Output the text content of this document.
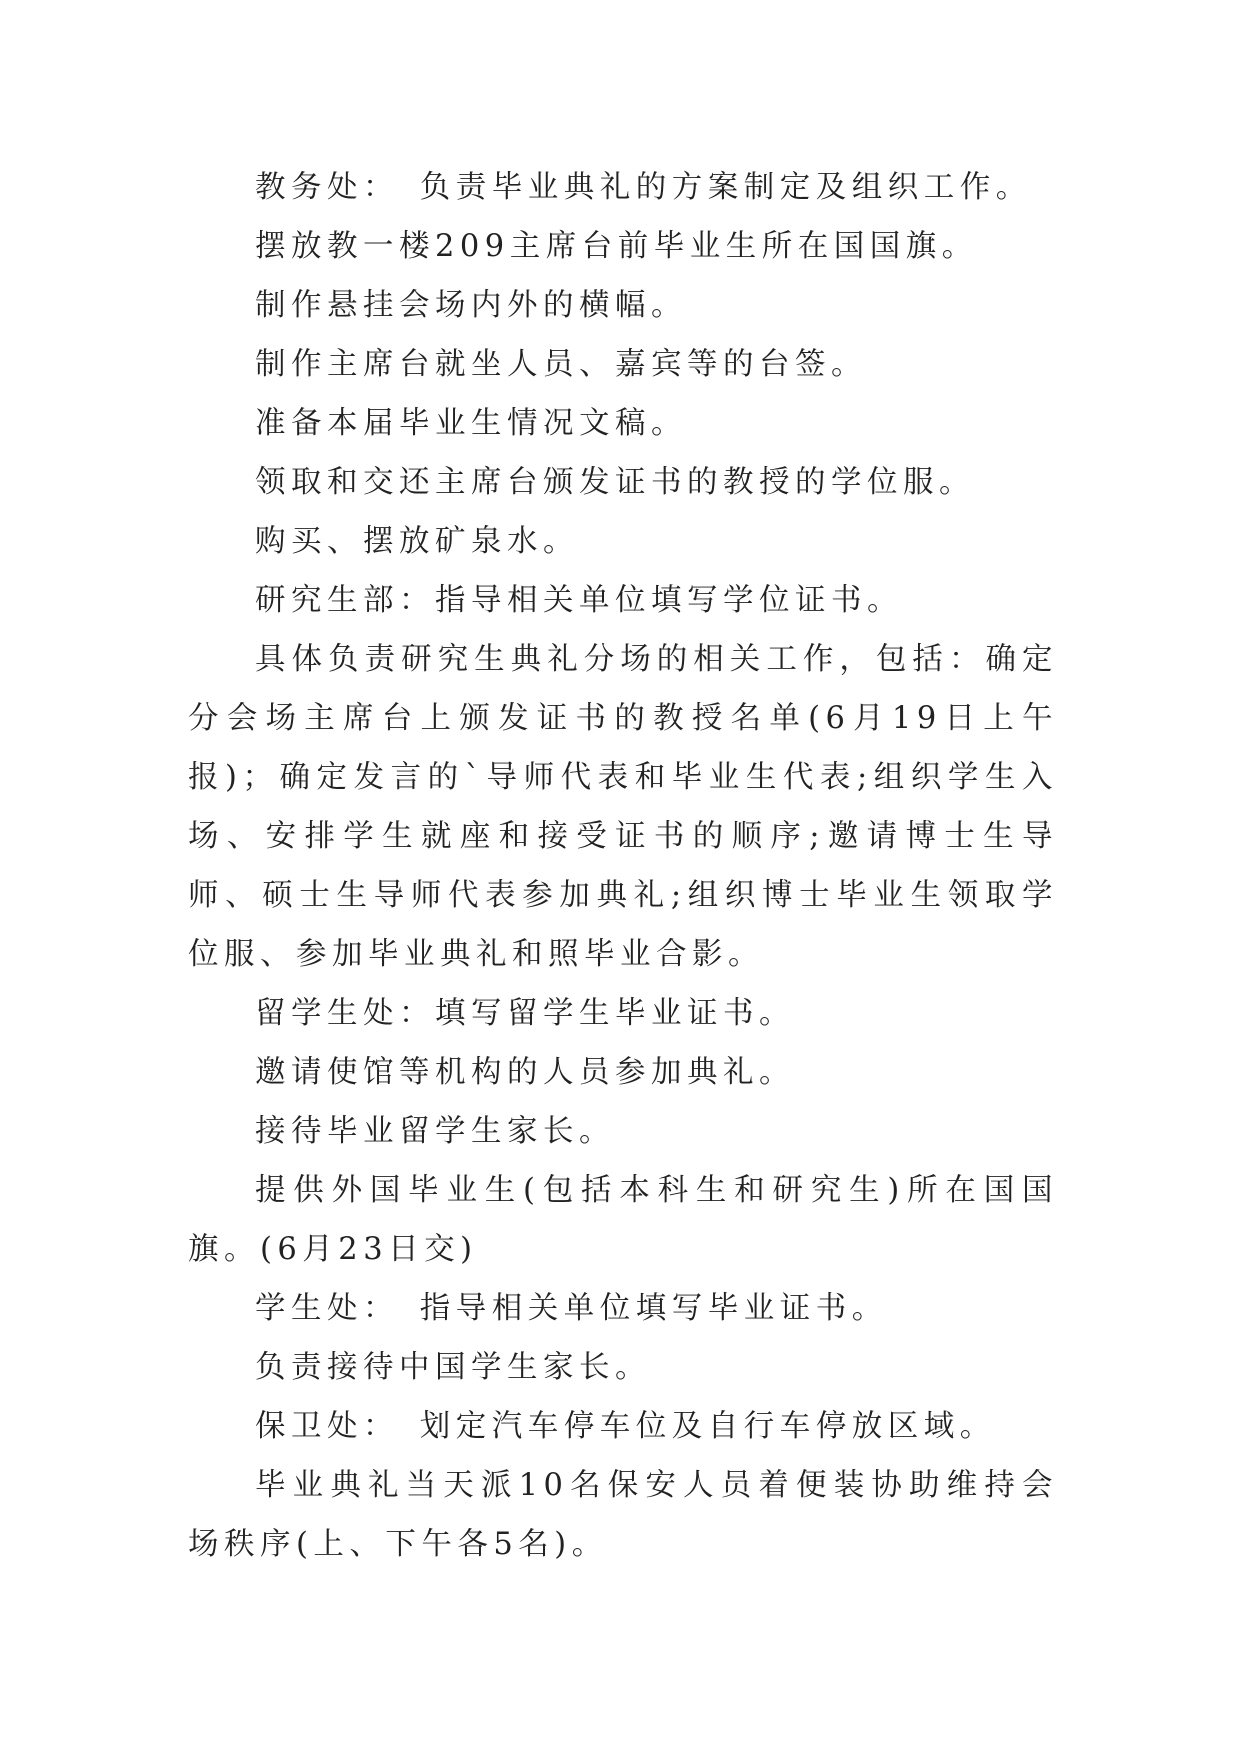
教务处：　负责毕业典礼的方案制定及组织工作。

摆放教一楼209主席台前毕业生所在国国旗。

制作悬挂会场内外的横幅。

制作主席台就坐人员、嘉宾等的台签。

准备本届毕业生情况文稿。

领取和交还主席台颁发证书的教授的学位服。

购买、摆放矿泉水。

研究生部：指导相关单位填写学位证书。

具体负责研究生典礼分场的相关工作，包括：确定分会场主席台上颁发证书的教授名单(6月19日上午报)；确定发言的`导师代表和毕业生代表;组织学生入场、安排学生就座和接受证书的顺序;邀请博士生导师、硕士生导师代表参加典礼;组织博士毕业生领取学位服、参加毕业典礼和照毕业合影。

留学生处：填写留学生毕业证书。

邀请使馆等机构的人员参加典礼。

接待毕业留学生家长。

提供外国毕业生(包括本科生和研究生)所在国国旗。(6月23日交)

学生处：　指导相关单位填写毕业证书。

负责接待中国学生家长。

保卫处：　划定汽车停车位及自行车停放区域。

毕业典礼当天派10名保安人员着便装协助维持会场秩序(上、下午各5名)。
